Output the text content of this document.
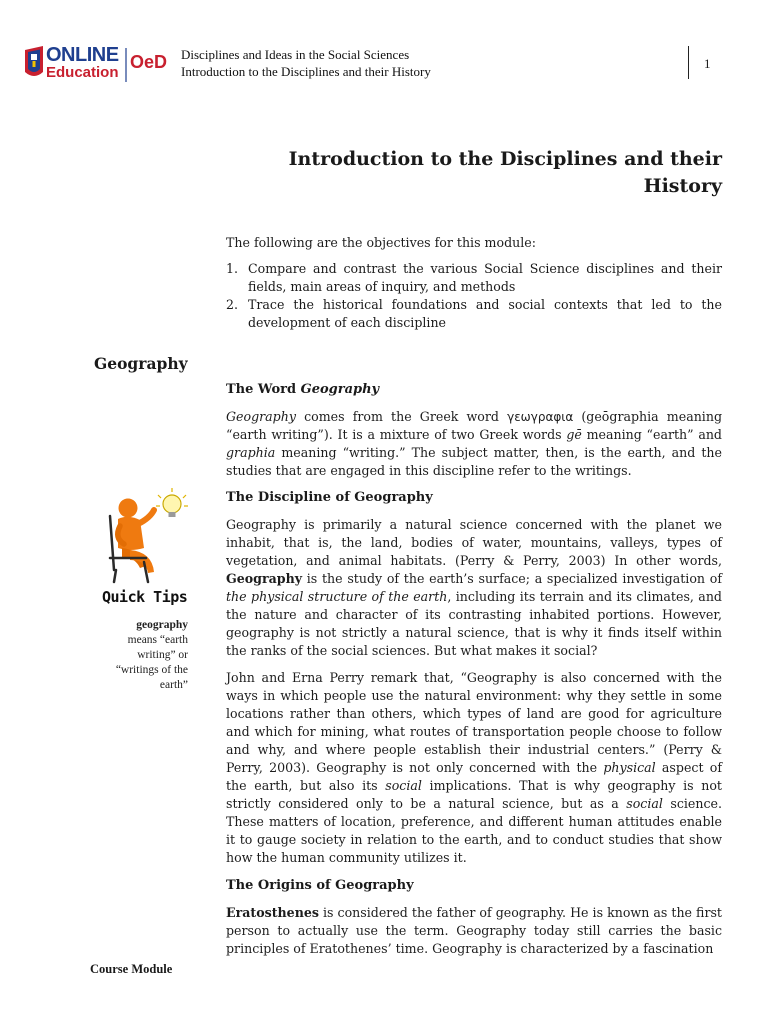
ONLINE
Education
OeD Disciplines and Ideas in the Social Sciences
Introduction to the Disciplines and their History
1
Introduction to the Disciplines and their
History
The following are the objectives for this module:
1. Compare and contrast the various Social Science disciplines and their fields, main areas of inquiry, and methods
2. Trace the historical foundations and social contexts that led to the development of each discipline
Geography
The Word Geography
Geography comes from the Greek word γεωγραφια (geōgraphia meaning “earth writing”). It is a mixture of two Greek words gē meaning “earth” and graphia meaning “writing.” The subject matter, then, is the earth, and the studies that are engaged in this discipline refer to the writings.
The Discipline of Geography
Geography is primarily a natural science concerned with the planet we inhabit, that is, the land, bodies of water, mountains, valleys, types of vegetation, and animal habitats. (Perry & Perry, 2003) In other words, Geography is the study of the earth’s surface; a specialized investigation of the physical structure of the earth, including its terrain and its climates, and the nature and character of its contrasting inhabited portions. However, geography is not strictly a natural science, that is why it finds itself within the ranks of the social sciences. But what makes it social?
John and Erna Perry remark that, “Geography is also concerned with the ways in which people use the natural environment: why they settle in some locations rather than others, which types of land are good for agriculture and which for mining, what routes of transportation people choose to follow and why, and where people establish their industrial centers.” (Perry & Perry, 2003). Geography is not only concerned with the physical aspect of the earth, but also its social implications. That is why geography is not strictly considered only to be a natural science, but as a social science. These matters of location, preference, and different human attitudes enable it to gauge society in relation to the earth, and to conduct studies that show how the human community utilizes it.
The Origins of Geography
Eratosthenes is considered the father of geography. He is known as the first person to actually use the term. Geography today still carries the basic principles of Eratothenes’ time. Geography is characterized by a fascination
Quick Tips
geography
means “earth
writing” or
“writings of the
earth”
Course Module
